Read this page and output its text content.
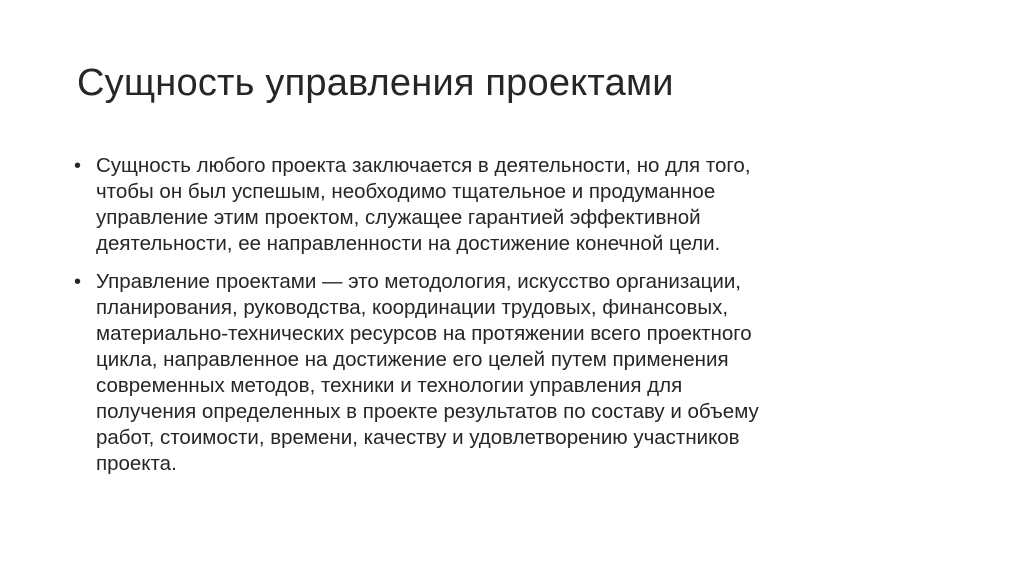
Сущность управления проектами
• Сущность любого проекта заключается в деятельности, но для того,
чтобы он был успешым, необходимо тщательное и продуманное
управление этим проектом, служащее гарантией эффективной
деятельности, ее направленности на достижение конечной цели.
• Управление проектами — это методология, искусство организации,
планирования, руководства, координации трудовых, финансовых,
материально-технических ресурсов на протяжении всего проектного
цикла, направленное на достижение его целей путем применения
современных методов, техники и технологии управления для
получения определенных в проекте результатов по составу и объему
работ, стоимости, времени, качеству и удовлетворению участников
проекта.
